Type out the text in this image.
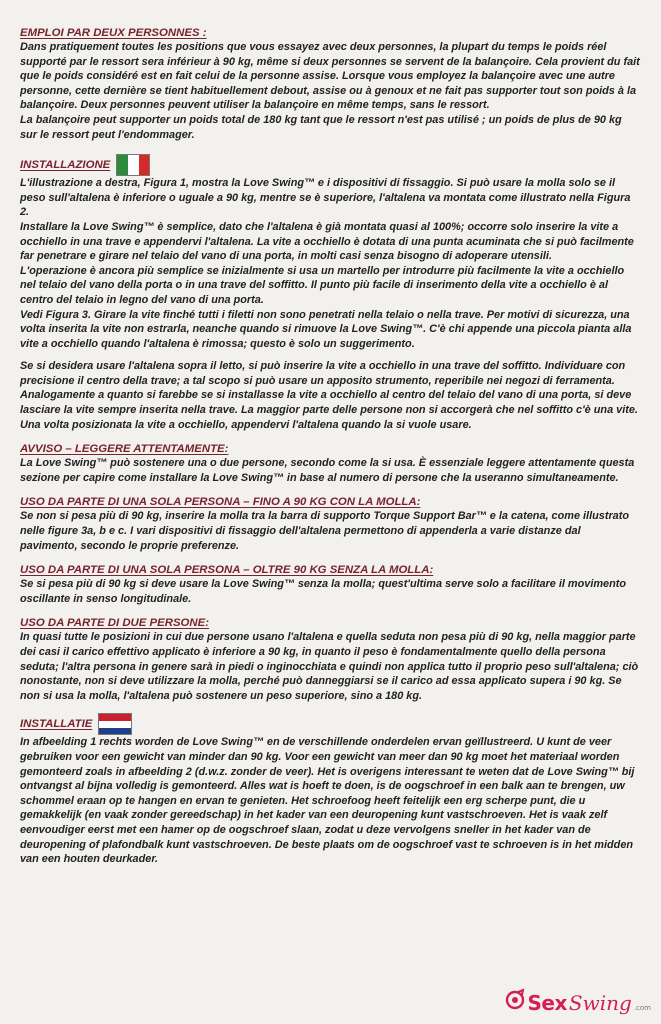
EMPLOI PAR DEUX PERSONNES :

Dans pratiquement toutes les positions que vous essayez avec deux personnes, la plupart du temps le poids réel supporté par le ressort sera inférieur à 90 kg, même si deux personnes se servent de la balançoire. Cela provient du fait que le poids considéré est en fait celui de la personne assise. Lorsque vous employez la balançoire avec une autre personne, cette dernière se tient habituellement debout, assise ou à genoux et ne fait pas supporter tout son poids à la balançoire. Deux personnes peuvent utiliser la balançoire en même temps, sans le ressort.

La balançoire peut supporter un poids total de 180 kg tant que le ressort n'est pas utilisé ; un poids de plus de 90 kg sur le ressort peut l'endommager.

INSTALLAZIONE

L'illustrazione a destra, Figura 1, mostra la Love Swing™ e i dispositivi di fissaggio. Si può usare la molla solo se il peso sull'altalena è inferiore o uguale a 90 kg, mentre se è superiore, l'altalena va montata come illustrato nella Figura 2.

Installare la Love Swing™ è semplice, dato che l'altalena è già montata quasi al 100%; occorre solo inserire la vite a occhiello in una trave e appendervi l'altalena. La vite a occhiello è dotata di una punta acuminata che si può facilmente far penetrare e girare nel telaio del vano di una porta, in molti casi senza bisogno di adoperare utensili.

L'operazione è ancora più semplice se inizialmente si usa un martello per introdurre più facilmente la vite a occhiello nel telaio del vano della porta o in una trave del soffitto. Il punto più facile di inserimento della vite a occhiello è al centro del telaio in legno del vano di una porta.

Vedi Figura 3. Girare la vite finché tutti i filetti non sono penetrati nella telaio o nella trave. Per motivi di sicurezza, una volta inserita la vite non estrarla, neanche quando si rimuove la Love Swing™. C'è chi appende una piccola pianta alla vite a occhiello quando l'altalena è rimossa; questo è solo un suggerimento.

Se si desidera usare l'altalena sopra il letto, si può inserire la vite a occhiello in una trave del soffitto. Individuare con precisione il centro della trave; a tal scopo si può usare un apposito strumento, reperibile nei negozi di ferramenta. Analogamente a quanto si farebbe se si installasse la vite a occhiello al centro del telaio del vano di una porta, si deve lasciare la vite sempre inserita nella trave. La maggior parte delle persone non si accorgerà che nel soffitto c'è una vite. Una volta posizionata la vite a occhiello, appendervi l'altalena quando la si vuole usare.

AVVISO – LEGGERE ATTENTAMENTE:

La Love Swing™ può sostenere una o due persone, secondo come la si usa. È essenziale leggere attentamente questa sezione per capire come installare la Love Swing™ in base al numero di persone che la useranno simultaneamente.

USO DA PARTE DI UNA SOLA PERSONA – FINO A 90 KG CON LA MOLLA:

Se non si pesa più di 90 kg, inserire la molla tra la barra di supporto Torque Support Bar™ e la catena, come illustrato nelle figure 3a, b e c. I vari dispositivi di fissaggio dell'altalena permettono di appenderla a varie distanze dal pavimento, secondo le proprie preferenze.

USO DA PARTE DI UNA SOLA PERSONA – OLTRE 90 KG SENZA LA MOLLA:

Se si pesa più di 90 kg si deve usare la Love Swing™ senza la molla; quest'ultima serve solo a facilitare il movimento oscillante in senso longitudinale.

USO DA PARTE DI DUE PERSONE:

In quasi tutte le posizioni in cui due persone usano l'altalena e quella seduta non pesa più di 90 kg, nella maggior parte dei casi il carico effettivo applicato è inferiore a 90 kg, in quanto il peso è fondamentalmente quello della persona seduta; l'altra persona in genere sarà in piedi o inginocchiata e quindi non applica tutto il proprio peso sull'altalena; ciò nonostante, non si deve utilizzare la molla, perché può danneggiarsi se il carico ad essa applicato supera i 90 kg. Se non si usa la molla, l'altalena può sostenere un peso superiore, sino a 180 kg.

INSTALLATIE

In afbeelding 1 rechts worden de Love Swing™ en de verschillende onderdelen ervan geïllustreerd. U kunt de veer gebruiken voor een gewicht van minder dan 90 kg. Voor een gewicht van meer dan 90 kg moet het materiaal worden gemonteerd zoals in afbeelding 2 (d.w.z. zonder de veer). Het is overigens interessant te weten dat de Love Swing™ bij ontvangst al bijna volledig is gemonteerd. Alles wat is hoeft te doen, is de oogschroef in een balk aan te brengen, uw schommel eraan op te hangen en ervan te genieten. Het schroefoog heeft feitelijk een erg scherpe punt, die u gemakkelijk (en vaak zonder gereedschap) in het kader van een deuropening kunt vastschroeven. Het is vaak zelf eenvoudiger eerst met een hamer op de oogschroef slaan, zodat u deze vervolgens sneller in het kader van de deuropening of plafondbalk kunt vastschroeven. De beste plaats om de oogschroef vast te schroeven is in het midden van een houten deurkader.

Sex Swing .com
